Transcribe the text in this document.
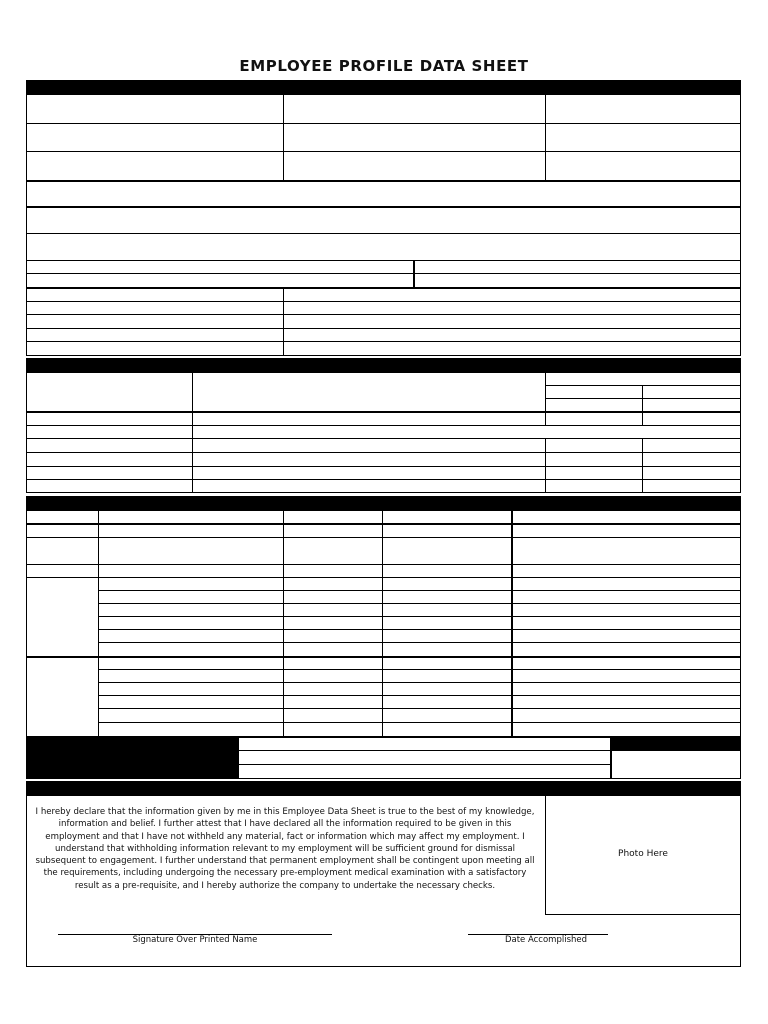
EMPLOYEE PROFILE DATA SHEET
I hereby declare that the information given by me in this Employee Data Sheet is true to the best of my knowledge, information and belief. I further attest that I have declared all the information required to be given in this employment and that I have not withheld any material, fact or information which may affect my employment. I understand that withholding information relevant to my employment will be sufficient ground for dismissal subsequent to engagement. I further understand that permanent employment shall be contingent upon meeting all the requirements, including undergoing the necessary pre-employment medical examination with a satisfactory result as a pre-requisite, and I hereby authorize the company to undertake the necessary checks.
Photo Here
Signature Over Printed Name	Date Accomplished
